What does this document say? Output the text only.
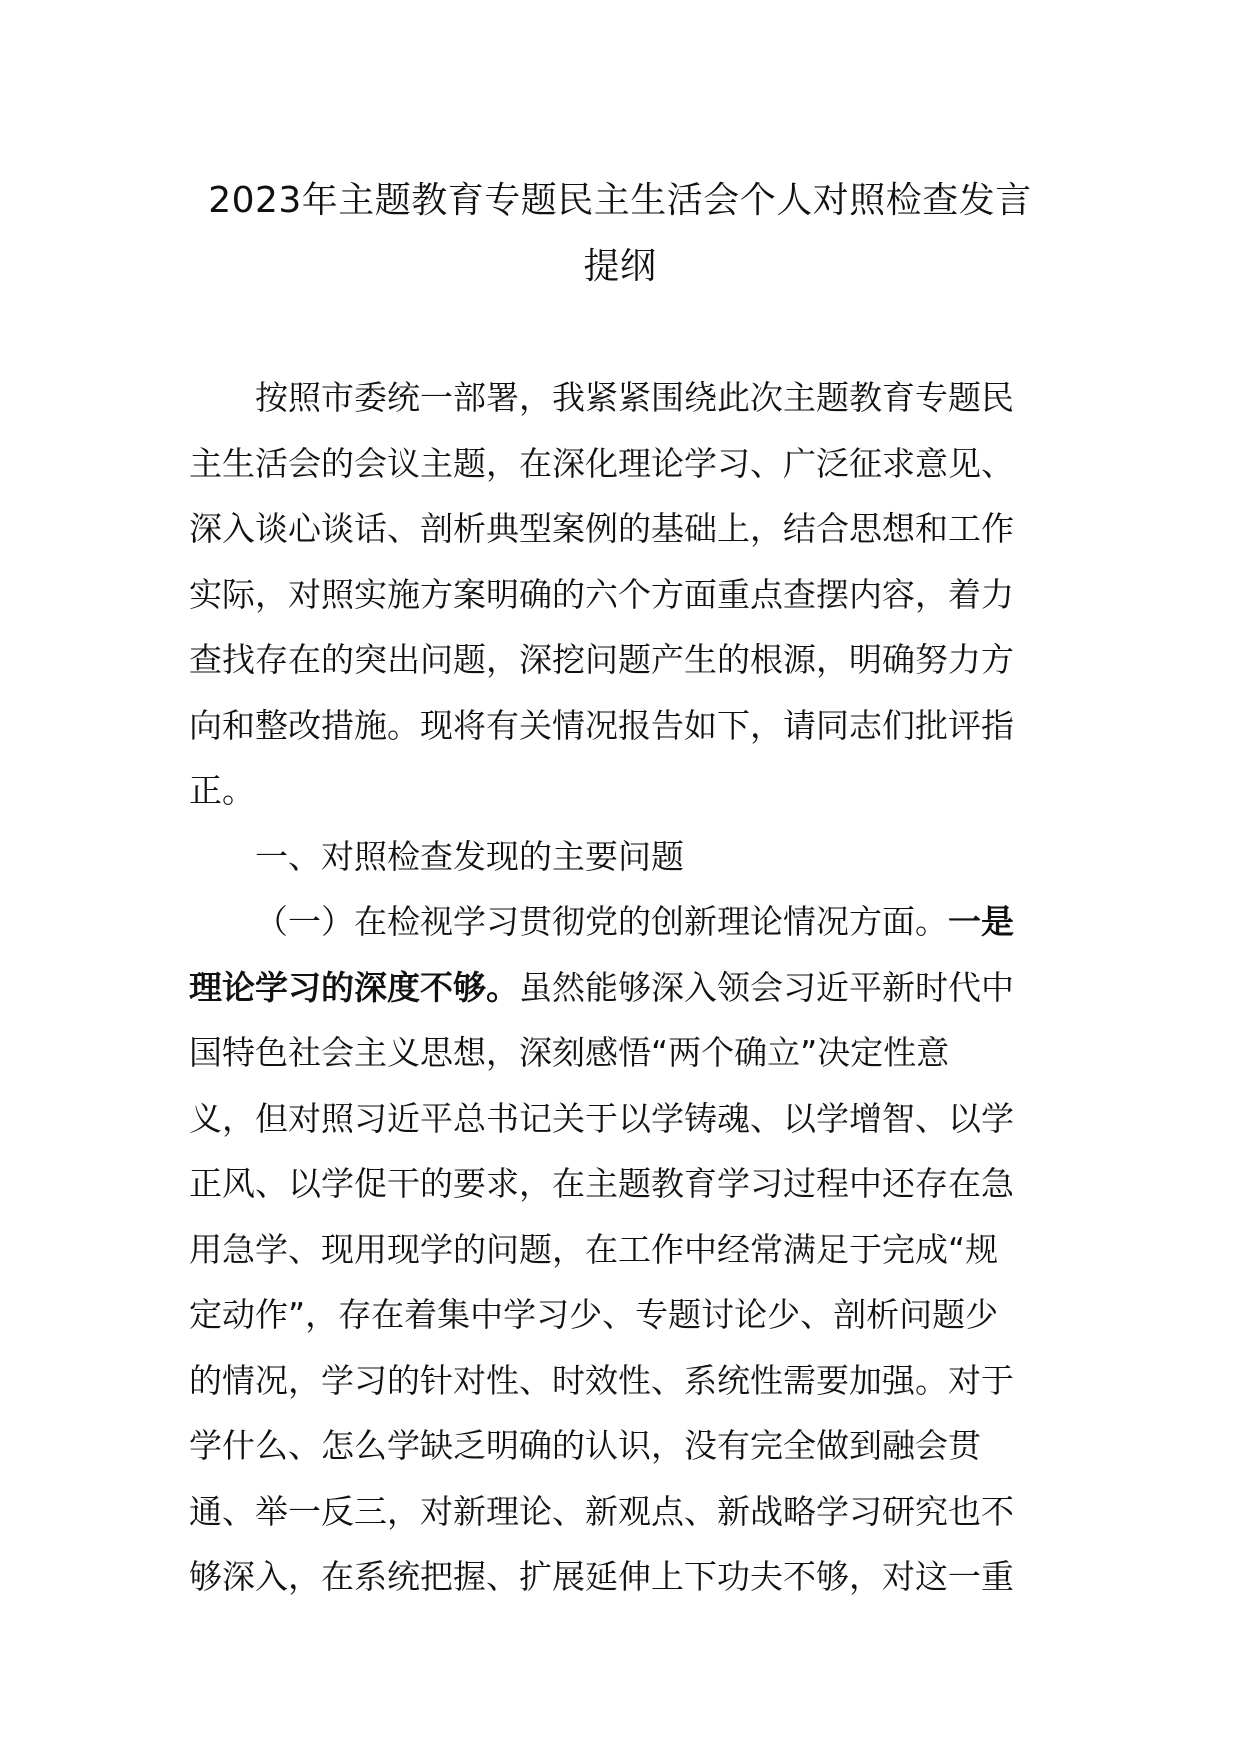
2023年主题教育专题民主生活会个人对照检查发言
提纲
按照市委统一部署，我紧紧围绕此次主题教育专题民
主生活会的会议主题，在深化理论学习、广泛征求意见、
深入谈心谈话、剖析典型案例的基础上，结合思想和工作
实际，对照实施方案明确的六个方面重点查摆内容，着力
查找存在的突出问题，深挖问题产生的根源，明确努力方
向和整改措施。现将有关情况报告如下，请同志们批评指
正。
一、对照检查发现的主要问题
（一）在检视学习贯彻党的创新理论情况方面。一是
理论学习的深度不够。虽然能够深入领会习近平新时代中
国特色社会主义思想，深刻感悟“两个确立”决定性意
义，但对照习近平总书记关于以学铸魂、以学增智、以学
正风、以学促干的要求，在主题教育学习过程中还存在急
用急学、现用现学的问题，在工作中经常满足于完成“规
定动作”，存在着集中学习少、专题讨论少、剖析问题少
的情况，学习的针对性、时效性、系统性需要加强。对于
学什么、怎么学缺乏明确的认识，没有完全做到融会贯
通、举一反三，对新理论、新观点、新战略学习研究也不
够深入，在系统把握、扩展延伸上下功夫不够，对这一重
